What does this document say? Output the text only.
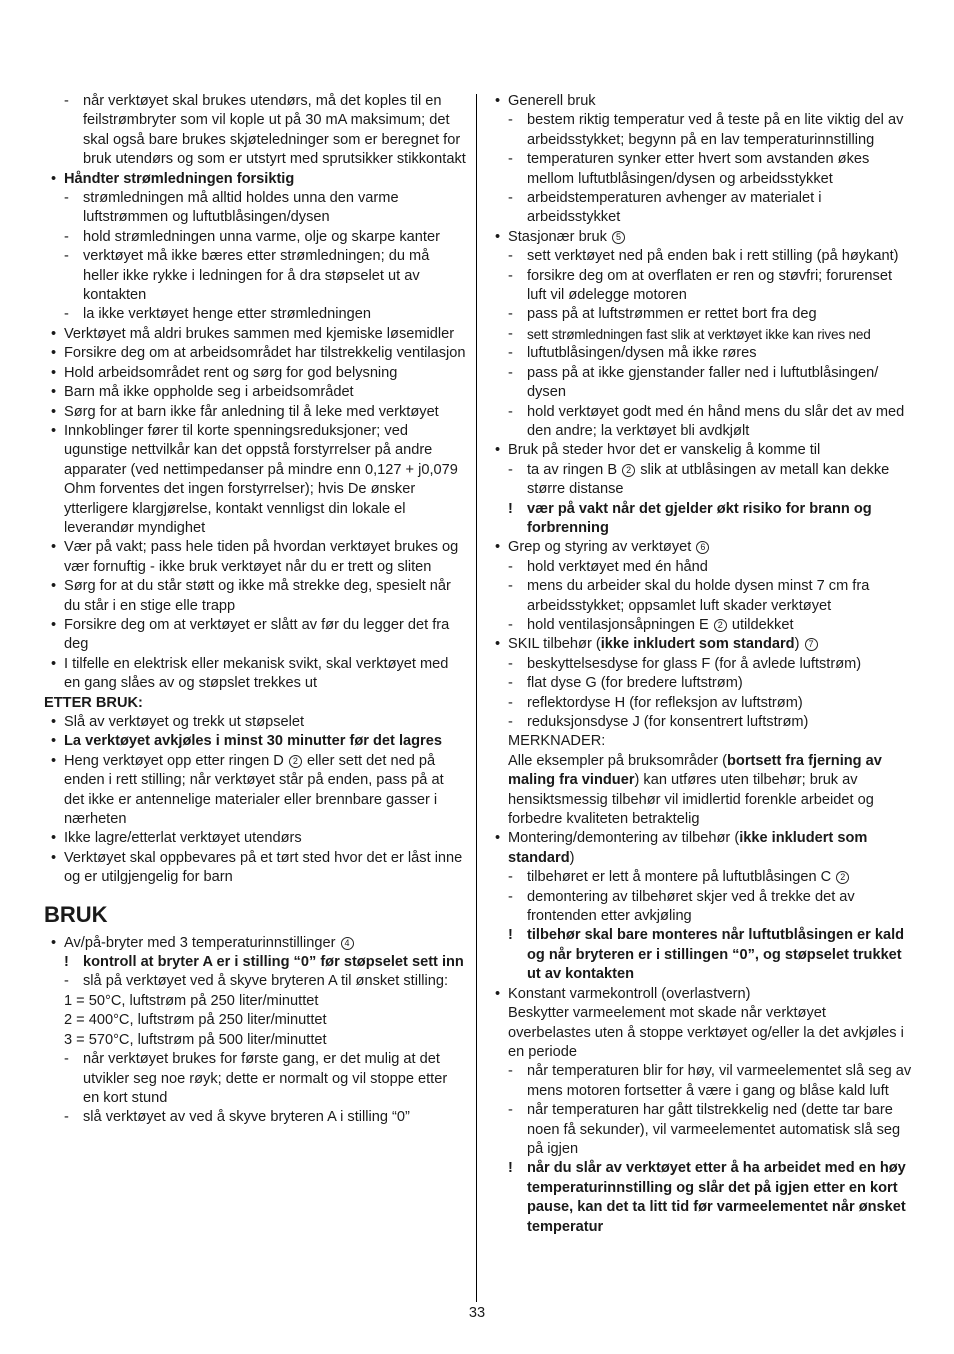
- når verktøyet skal brukes utendørs, må det koples til en feilstrømbryter som vil kople ut på 30 mA maksimum; det skal også bare brukes skjøteledninger som er beregnet for bruk utendørs og som er utstyrt med sprutsikker stikkontakt
• Håndter strømledningen forsiktig
- strømledningen må alltid holdes unna den varme luftstrømmen og luftutblåsingen/dysen
- hold strømledningen unna varme, olje og skarpe kanter
- verktøyet må ikke bæres etter strømledningen; du må heller ikke rykke i ledningen for å dra støpselet ut av kontakten
- la ikke verktøyet henge etter strømledningen
• Verktøyet må aldri brukes sammen med kjemiske løsemidler
• Forsikre deg om at arbeidsområdet har tilstrekkelig ventilasjon
• Hold arbeidsområdet rent og sørg for god belysning
• Barn må ikke oppholde seg i arbeidsområdet
• Sørg for at barn ikke får anledning til å leke med verktøyet
• Innkoblinger fører til korte spenningsreduksjoner; ved ugunstige nettvilkår kan det oppstå forstyrrelser på andre apparater (ved nettimpedanser på mindre enn 0,127 + j0,079 Ohm forventes det ingen forstyrrelser); hvis De ønsker ytterligere klargjørelse, kontakt vennligst din lokale el leverandør myndighet
• Vær på vakt; pass hele tiden på hvordan verktøyet brukes og vær fornuftig - ikke bruk verktøyet når du er trett og sliten
• Sørg for at du står støtt og ikke må strekke deg, spesielt når du står i en stige elle trapp
• Forsikre deg om at verktøyet er slått av før du legger det fra deg
• I tilfelle en elektrisk eller mekanisk svikt, skal verktøyet med en gang slåes av og støpslet trekkes ut
ETTER BRUK:
• Slå av verktøyet og trekk ut støpselet
• La verktøyet avkjøles i minst 30 minutter før det lagres
• Heng verktøyet opp etter ringen D 2 eller sett det ned på enden i rett stilling; når verktøyet står på enden, pass på at det ikke er antennelige materialer eller brennbare gasser i nærheten
• Ikke lagre/etterlat verktøyet utendørs
• Verktøyet skal oppbevares på et tørt sted hvor det er låst inne og er utilgjengelig for barn
BRUK
• Av/på-bryter med 3 temperaturinnstillinger 4
! kontroll at bryter A er i stilling “0” før støpselet sett inn
- slå på verktøyet ved å skyve bryteren A til ønsket stilling:
1 = 50°C, luftstrøm på 250 liter/minuttet
2 = 400°C, luftstrøm på 250 liter/minuttet
3 = 570°C, luftstrøm på 500 liter/minuttet
- når verktøyet brukes for første gang, er det mulig at det utvikler seg noe røyk; dette er normalt og vil stoppe etter en kort stund
- slå verktøyet av ved å skyve bryteren A i stilling “0”
• Generell bruk
- bestem riktig temperatur ved å teste på en lite viktig del av arbeidsstykket; begynn på en lav temperaturinnstilling
- temperaturen synker etter hvert som avstanden økes mellom luftutblåsingen/dysen og arbeidsstykket
- arbeidstemperaturen avhenger av materialet i arbeidsstykket
• Stasjonær bruk 5
- sett verktøyet ned på enden bak i rett stilling (på høykant)
- forsikre deg om at overflaten er ren og støvfri; forurenset luft vil ødelegge motoren
- pass på at luftstrømmen er rettet bort fra deg
-	sett strømledningen fast slik at verktøyet ikke kan rives ned
- luftutblåsingen/dysen må ikke røres
- pass på at ikke gjenstander faller ned i luftutblåsingen/ dysen
- hold verktøyet godt med én hånd mens du slår det av med den andre; la verktøyet bli avdkjølt
• Bruk på steder hvor det er vanskelig å komme til
- ta av ringen B 2 slik at utblåsingen av metall kan dekke større distanse
! vær på vakt når det gjelder økt risiko for brann og forbrenning
• Grep og styring av verktøyet 6
- hold verktøyet med én hånd
- mens du arbeider skal du holde dysen minst 7 cm fra arbeidsstykket; oppsamlet luft skader verktøyet
- hold ventilasjonsåpningen E 2 utildekket
• SKIL tilbehør (ikke inkludert som standard) 7
- beskyttelsesdyse for glass F (for å avlede luftstrøm)
- flat dyse G (for bredere luftstrøm)
- reflektordyse H (for refleksjon av luftstrøm)
- reduksjonsdyse J (for konsentrert luftstrøm)
MERKNADER:
Alle eksempler på bruksområder (bortsett fra fjerning av maling fra vinduer) kan utføres uten tilbehør; bruk av hensiktsmessig tilbehør vil imidlertid forenkle arbeidet og forbedre kvaliteten betraktelig
• Montering/demontering av tilbehør (ikke inkludert som standard)
- tilbehøret er lett å montere på luftutblåsingen C 2
- demontering av tilbehøret skjer ved å trekke det av frontenden etter avkjøling
! tilbehør skal bare monteres når luftutblåsingen er kald og når bryteren er i stillingen “0”, og støpselet trukket ut av kontakten
• Konstant varmekontroll (overlastvern)
Beskytter varmeelement mot skade når verktøyet overbelastes uten å stoppe verktøyet og/eller la det avkjøles i en periode
- når temperaturen blir for høy, vil varmeelementet slå seg av mens motoren fortsetter å være i gang og blåse kald luft
- når temperaturen har gått tilstrekkelig ned (dette tar bare noen få sekunder), vil varmeelementet automatisk slå seg på igjen
! når du slår av verktøyet etter å ha arbeidet med en høy temperaturinnstilling og slår det på igjen etter en kort pause, kan det ta litt tid før varmeelementet når ønsket temperatur
33
